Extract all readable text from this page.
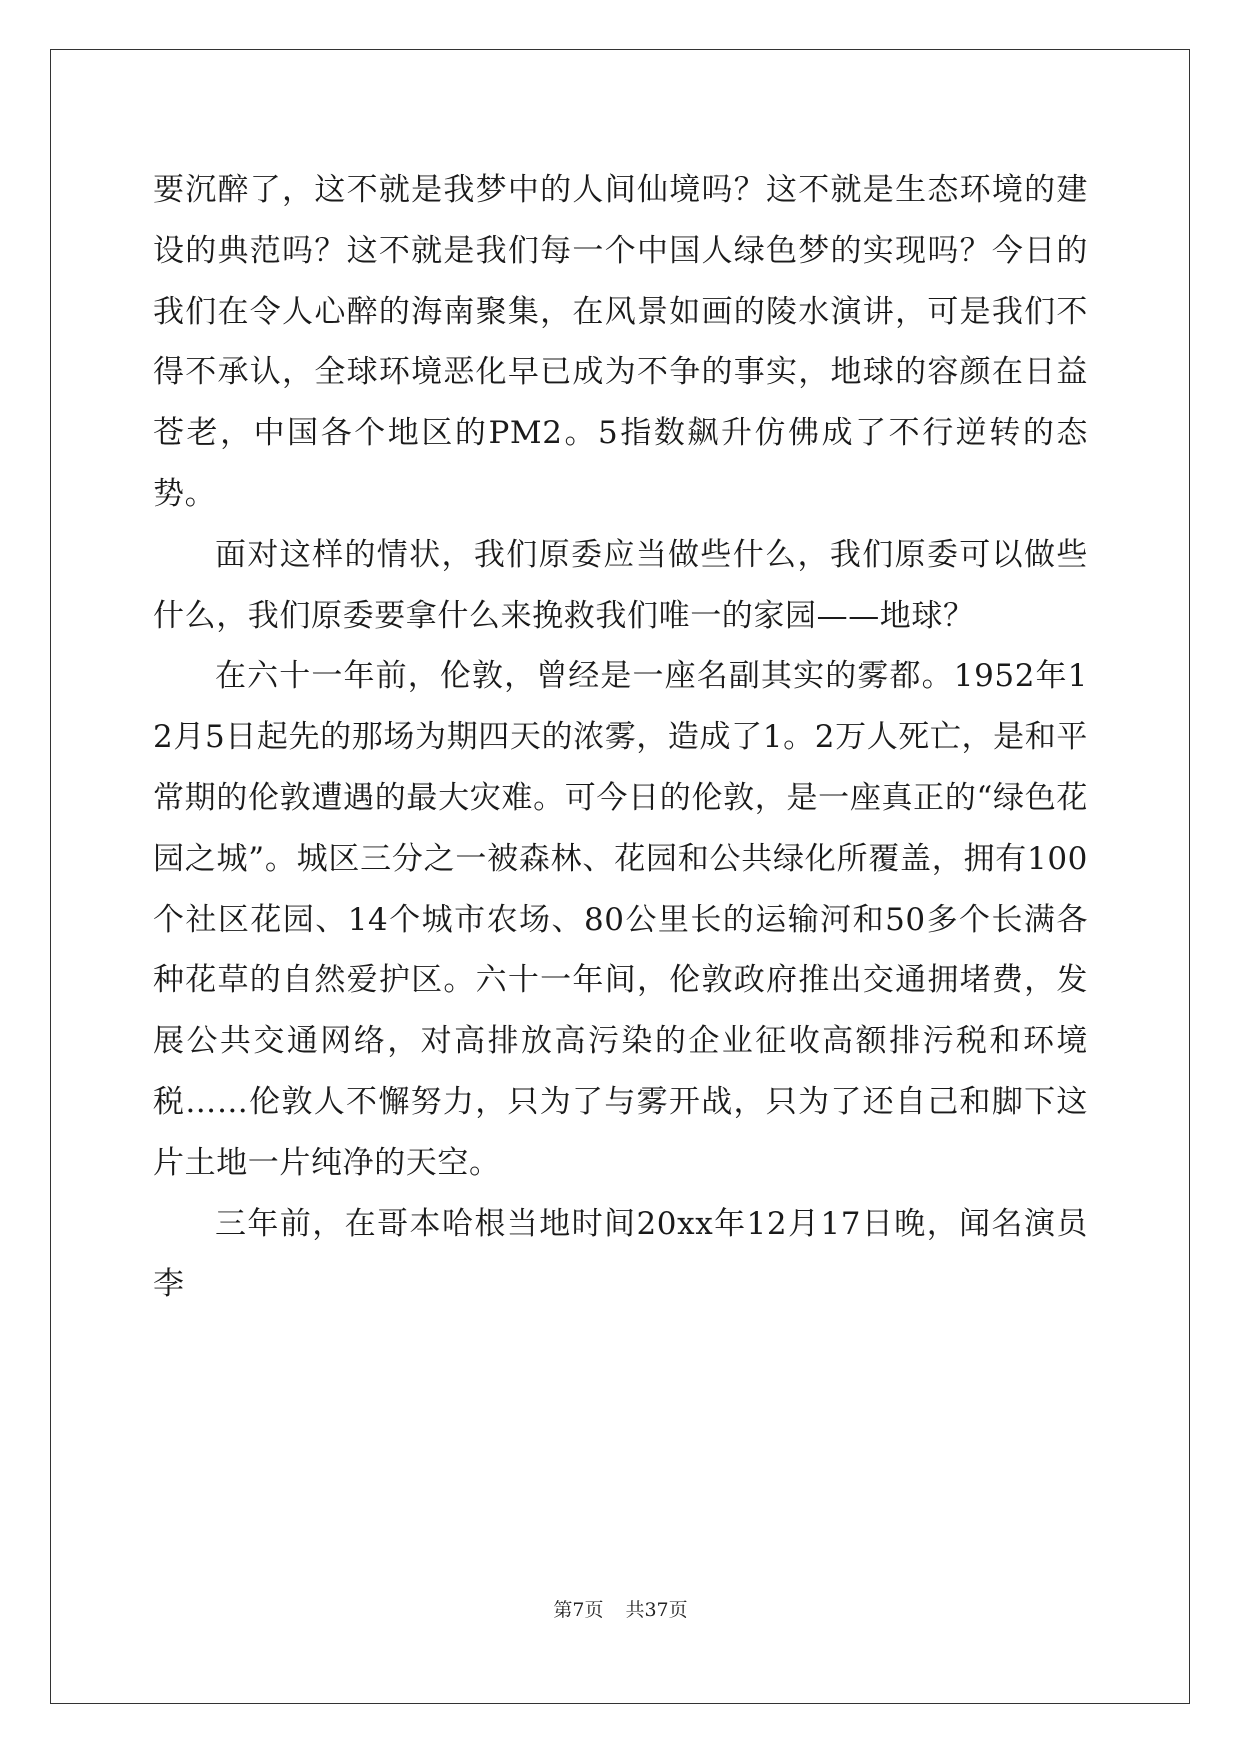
要沉醉了，这不就是我梦中的人间仙境吗？这不就是生态环境的建设的典范吗？这不就是我们每一个中国人绿色梦的实现吗？今日的我们在令人心醉的海南聚集，在风景如画的陵水演讲，可是我们不得不承认，全球环境恶化早已成为不争的事实，地球的容颜在日益苍老，中国各个地区的PM2。5指数飙升仿佛成了不行逆转的态势。

面对这样的情状，我们原委应当做些什么，我们原委可以做些什么，我们原委要拿什么来挽救我们唯一的家园——地球？

在六十一年前，伦敦，曾经是一座名副其实的雾都。1952年12月5日起先的那场为期四天的浓雾，造成了1。2万人死亡，是和平常期的伦敦遭遇的最大灾难。可今日的伦敦，是一座真正的“绿色花园之城”。城区三分之一被森林、花园和公共绿化所覆盖，拥有100个社区花园、14个城市农场、80公里长的运输河和50多个长满各种花草的自然爱护区。六十一年间，伦敦政府推出交通拥堵费，发展公共交通网络，对高排放高污染的企业征收高额排污税和环境税……伦敦人不懈努力，只为了与雾开战，只为了还自己和脚下这片土地一片纯净的天空。

三年前，在哥本哈根当地时间20xx年12月17日晚，闻名演员李

第7页 共37页
